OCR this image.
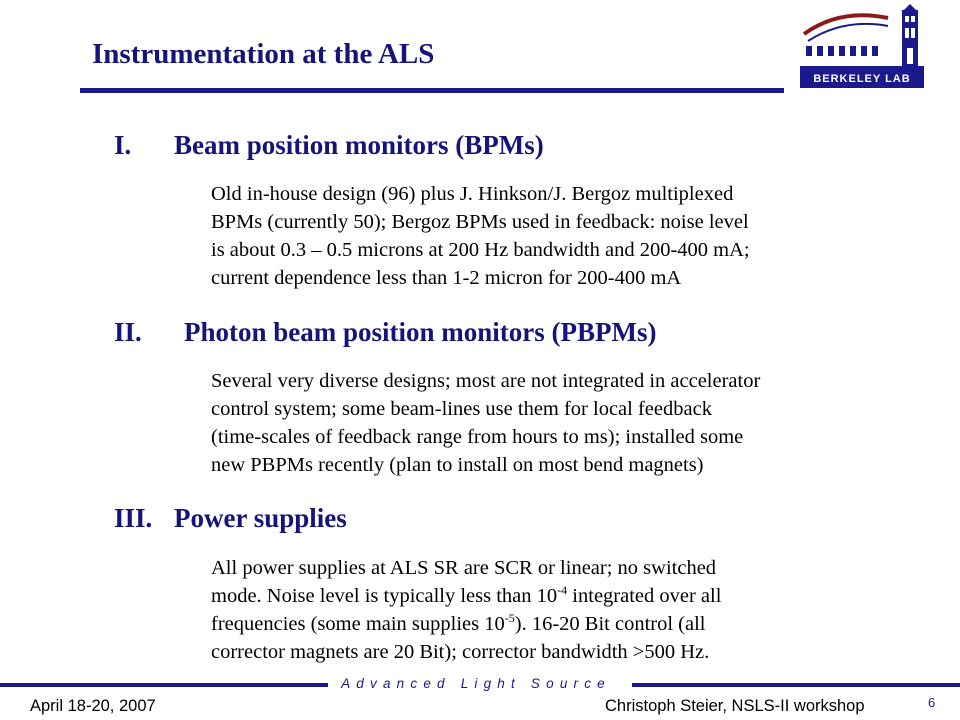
Instrumentation at the ALS
BERKELEY LAB
I. Beam position monitors (BPMs)

Old in-house design (96) plus J. Hinkson/J. Bergoz multiplexed

BPMs (currently 50); Bergoz BPMs used in feedback: noise level

is about 0.3 – 0.5 microns at 200 Hz bandwidth and 200-400 mA;

current dependence less than 1-2 micron for 200-400 mA

II. Photon beam position monitors (PBPMs)

Several very diverse designs; most are not integrated in accelerator

control system; some beam-lines use them for local feedback

(time-scales of feedback range from hours to ms); installed some

new PBPMs recently (plan to install on most bend magnets)

III. Power supplies

All power supplies at ALS SR are SCR or linear; no switched

mode. Noise level is typically less than $10^{-4}$ integrated over all

frequencies (some main supplies $10^{-5}$). 16-20 Bit control (all

corrector magnets are 20 Bit); corrector bandwidth >500 Hz.

Advanced Light Source
April 18-20, 2007	Christoph Steier, NSLS-II workshop	6
